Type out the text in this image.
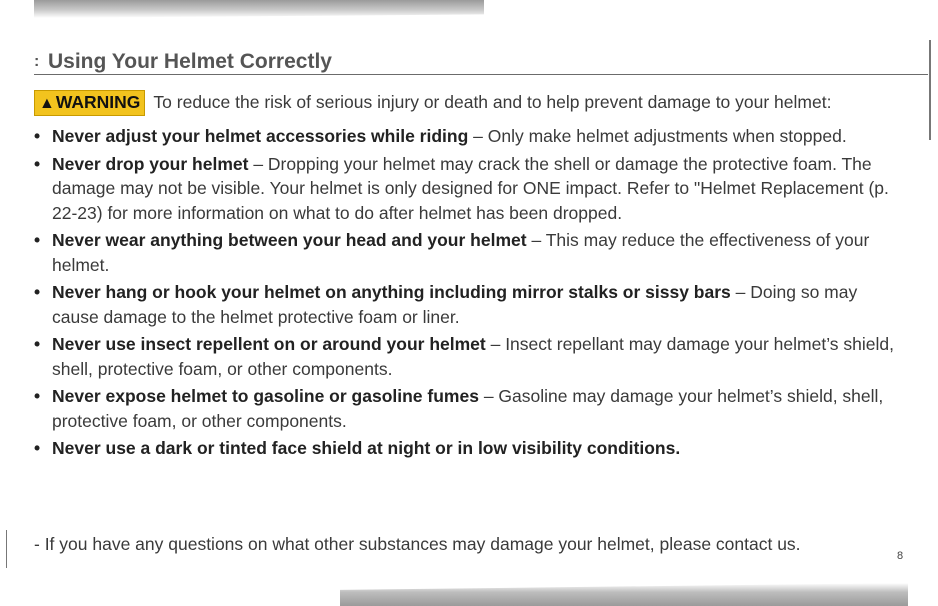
: Using Your Helmet Correctly
▲WARNING To reduce the risk of serious injury or death and to help prevent damage to your helmet:
• Never adjust your helmet accessories while riding – Only make helmet adjustments when stopped.
• Never drop your helmet – Dropping your helmet may crack the shell or damage the protective foam. The damage may not be visible. Your helmet is only designed for ONE impact. Refer to "Helmet Replacement (p. 22-23) for more information on what to do after helmet has been dropped.
• Never wear anything between your head and your helmet – This may reduce the effectiveness of your helmet.
• Never hang or hook your helmet on anything including mirror stalks or sissy bars – Doing so may cause damage to the helmet protective foam or liner.
• Never use insect repellent on or around your helmet – Insect repellant may damage your helmet’s shield, shell, protective foam, or other components.
• Never expose helmet to gasoline or gasoline fumes – Gasoline may damage your helmet’s shield, shell, protective foam, or other components.
• Never use a dark or tinted face shield at night or in low visibility conditions.
- If you have any questions on what other substances may damage your helmet, please contact us.
8
